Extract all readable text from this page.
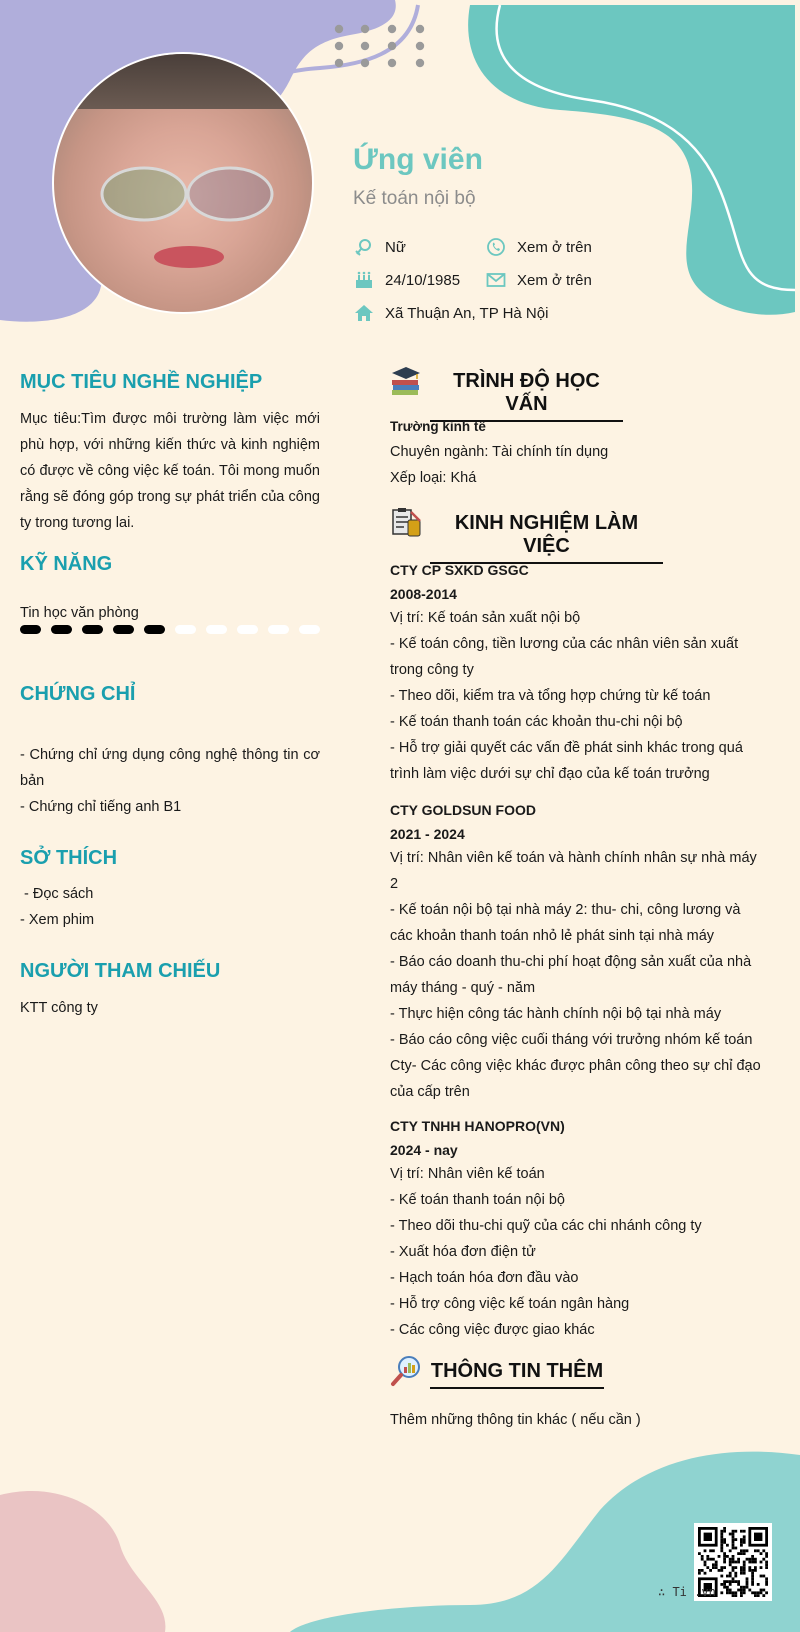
Ứng viên
Kế toán nội bộ
Nữ	Xem ở trên
24/10/1985	Xem ở trên
Xã Thuận An, TP Hà Nội
MỤC TIÊU NGHỀ NGHIỆP
Mục tiêu:Tìm được môi trường làm việc mới phù hợp, với những kiến thức và kinh nghiệm có được về công việc kế toán. Tôi mong muốn rằng sẽ đóng góp trong sự phát triển của công ty trong tương lai.
KỸ NĂNG
Tin học văn phòng
CHỨNG CHỈ
- Chứng chỉ ứng dụng công nghệ thông tin cơ bản
- Chứng chỉ tiếng anh B1
SỞ THÍCH
- Đọc sách
- Xem phim
NGƯỜI THAM CHIẾU
KTT công ty
TRÌNH ĐỘ HỌC VẤN
Trường kinh tế
Chuyên ngành: Tài chính tín dụng
Xếp loại: Khá
KINH NGHIỆM LÀM VIỆC
CTY CP SXKD GSGC
2008-2014
Vị trí: Kế toán sản xuất nội bộ
- Kế toán công, tiền lương của các nhân viên sản xuất trong công ty
- Theo dõi, kiểm tra và tổng hợp chứng từ kế toán
- Kế toán thanh toán các khoản thu-chi nội bộ
- Hỗ trợ giải quyết các vấn đề phát sinh khác trong quá trình làm việc dưới sự chỉ đạo của kế toán trưởng
CTY GOLDSUN FOOD
2021 - 2024
Vị trí: Nhân viên kế toán và hành chính nhân sự nhà máy 2
- Kế toán nội bộ tại nhà máy 2: thu- chi, công lương và các khoản thanh toán nhỏ lẻ phát sinh tại nhà máy
- Báo cáo doanh thu-chi phí hoạt động sản xuất của nhà máy tháng - quý - năm
- Thực hiện công tác hành chính nội bộ tại nhà máy
- Báo cáo công việc cuối tháng với trưởng nhóm kế toán Cty- Các công việc khác được phân công theo sự chỉ đạo của cấp trên
CTY TNHH HANOPRO(VN)
2024 - nay
Vị trí: Nhân viên kế toán
- Kế toán thanh toán nội bộ
- Theo dõi thu-chi quỹ của các chi nhánh công ty
- Xuất hóa đơn điện tử
- Hạch toán hóa đơn đầu vào
- Hỗ trợ công việc kế toán ngân hàng
- Các công việc được giao khác
THÔNG TIN THÊM
Thêm những thông tin khác ( nếu cần )
∴ Ti .vn
